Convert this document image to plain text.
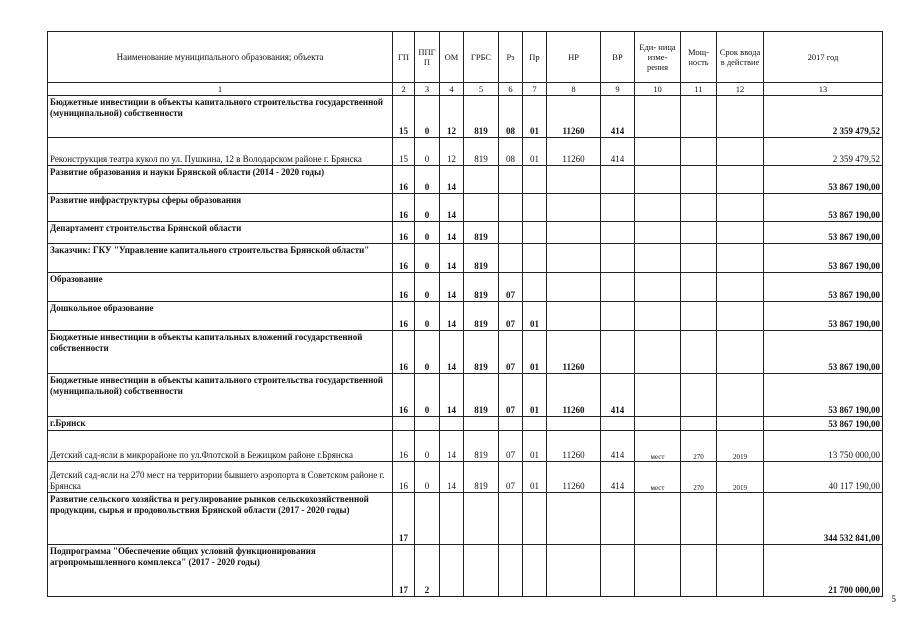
Наименование муниципального образования; объекта	ГП	ППГ П	ОМ	ГРБС	Рз	Пр	НР	ВР	Еди- ница изме- рения	Мощ- ность	Срок ввода в действие	2017 год
1	2	3	4	5	6	7	8	9	10	11	12	13
Бюджетные инвестиции в объекты капитального строительства государственной (муниципальной) собственности	15	0	12	819	08	01	11260	414				2 359 479,52
Реконструкция театра кукол по ул. Пушкина, 12 в Володарском районе г. Брянска	15	0	12	819	08	01	11260	414				2 359 479,52
Развитие образования и науки Брянской области (2014 - 2020 годы)	16	0	14									53 867 190,00
Развитие инфраструктуры сферы образования	16	0	14									53 867 190,00
Департамент строительства Брянской области	16	0	14	819								53 867 190,00
Заказчик: ГКУ "Управление капитального строительства Брянской области"	16	0	14	819								53 867 190,00
Образование	16	0	14	819	07							53 867 190,00
Дошкольное образование	16	0	14	819	07	01						53 867 190,00
Бюджетные инвестиции в объекты капитальных вложений государственной собственности	16	0	14	819	07	01	11260					53 867 190,00
Бюджетные инвестиции в объекты капитального строительства государственной (муниципальной) собственности	16	0	14	819	07	01	11260	414				53 867 190,00
г.Брянск												53 867 190,00
Детский сад-ясли в микрорайоне по ул.Флотской в Бежицком районе г.Брянска	16	0	14	819	07	01	11260	414	мест	270	2019	13 750 000,00
Детский сад-ясли на 270 мест на территории бывшего аэропорта в Советском районе г. Брянска	16	0	14	819	07	01	11260	414	мест	270	2019	40 117 190,00
Развитие сельского хозяйства и регулирование рынков сельскохозяйственной продукции, сырья и продовольствия Брянской области (2017 - 2020 годы)	17											344 532 841,00
Подпрограмма "Обеспечение общих условий функционирования агропромышленного комплекса" (2017 - 2020 годы)	17	2										21 700 000,00
5
